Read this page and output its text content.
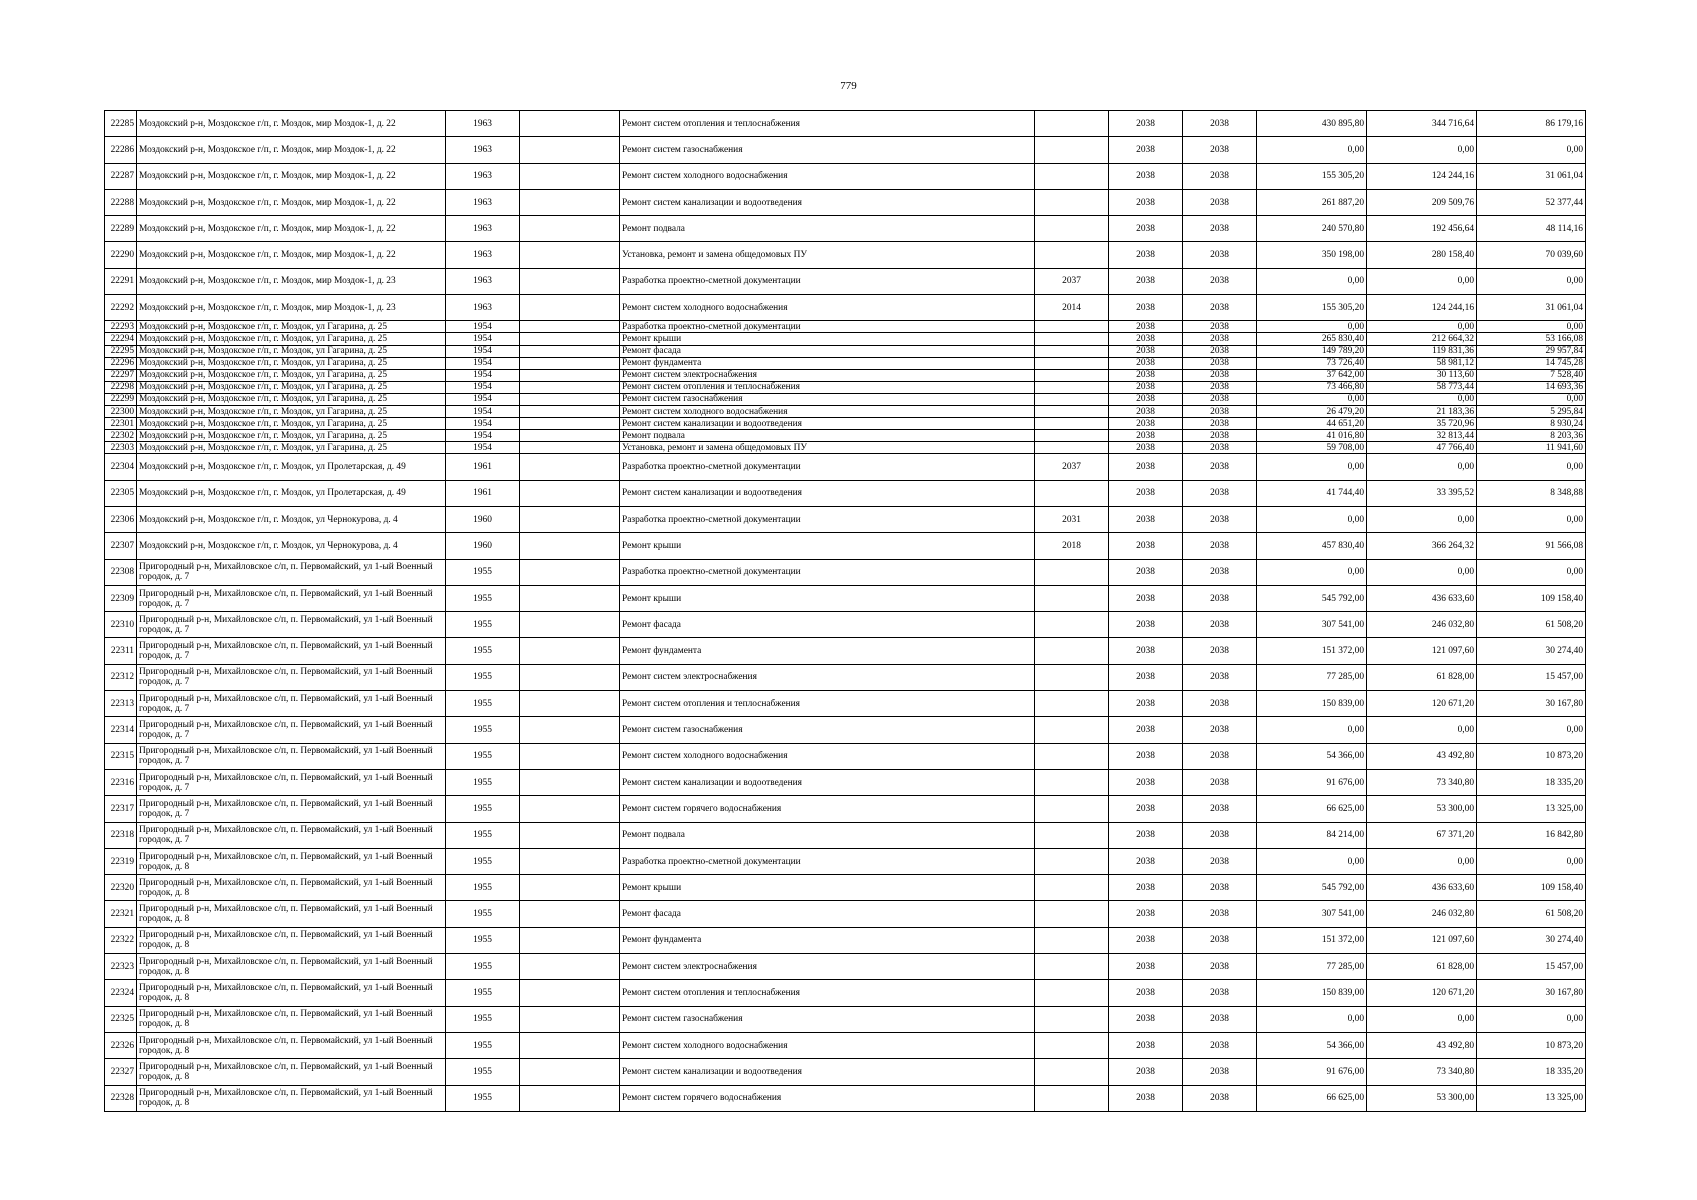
779
22285	Моздокский р-н, Моздокское г/п, г. Моздок, мир Моздок-1, д. 22	1963		Ремонт систем отопления и теплоснабжения		2038	2038	430 895,80	344 716,64	86 179,16
22286	Моздокский р-н, Моздокское г/п, г. Моздок, мир Моздок-1, д. 22	1963		Ремонт систем газоснабжения		2038	2038	0,00	0,00	0,00
22287	Моздокский р-н, Моздокское г/п, г. Моздок, мир Моздок-1, д. 22	1963		Ремонт систем холодного водоснабжения		2038	2038	155 305,20	124 244,16	31 061,04
22288	Моздокский р-н, Моздокское г/п, г. Моздок, мир Моздок-1, д. 22	1963		Ремонт систем канализации и водоотведения		2038	2038	261 887,20	209 509,76	52 377,44
22289	Моздокский р-н, Моздокское г/п, г. Моздок, мир Моздок-1, д. 22	1963		Ремонт подвала		2038	2038	240 570,80	192 456,64	48 114,16
22290	Моздокский р-н, Моздокское г/п, г. Моздок, мир Моздок-1, д. 22	1963		Установка, ремонт и замена общедомовых ПУ		2038	2038	350 198,00	280 158,40	70 039,60
22291	Моздокский р-н, Моздокское г/п, г. Моздок, мир Моздок-1, д. 23	1963		Разработка проектно-сметной документации	2037	2038	2038	0,00	0,00	0,00
22292	Моздокский р-н, Моздокское г/п, г. Моздок, мир Моздок-1, д. 23	1963		Ремонт систем холодного водоснабжения	2014	2038	2038	155 305,20	124 244,16	31 061,04
22293	Моздокский р-н, Моздокское г/п, г. Моздок, ул Гагарина, д. 25	1954		Разработка проектно-сметной документации		2038	2038	0,00	0,00	0,00
22294	Моздокский р-н, Моздокское г/п, г. Моздок, ул Гагарина, д. 25	1954		Ремонт крыши		2038	2038	265 830,40	212 664,32	53 166,08
22295	Моздокский р-н, Моздокское г/п, г. Моздок, ул Гагарина, д. 25	1954		Ремонт фасада		2038	2038	149 789,20	119 831,36	29 957,84
22296	Моздокский р-н, Моздокское г/п, г. Моздок, ул Гагарина, д. 25	1954		Ремонт фундамента		2038	2038	73 726,40	58 981,12	14 745,28
22297	Моздокский р-н, Моздокское г/п, г. Моздок, ул Гагарина, д. 25	1954		Ремонт систем электроснабжения		2038	2038	37 642,00	30 113,60	7 528,40
22298	Моздокский р-н, Моздокское г/п, г. Моздок, ул Гагарина, д. 25	1954		Ремонт систем отопления и теплоснабжения		2038	2038	73 466,80	58 773,44	14 693,36
22299	Моздокский р-н, Моздокское г/п, г. Моздок, ул Гагарина, д. 25	1954		Ремонт систем газоснабжения		2038	2038	0,00	0,00	0,00
22300	Моздокский р-н, Моздокское г/п, г. Моздок, ул Гагарина, д. 25	1954		Ремонт систем холодного водоснабжения		2038	2038	26 479,20	21 183,36	5 295,84
22301	Моздокский р-н, Моздокское г/п, г. Моздок, ул Гагарина, д. 25	1954		Ремонт систем канализации и водоотведения		2038	2038	44 651,20	35 720,96	8 930,24
22302	Моздокский р-н, Моздокское г/п, г. Моздок, ул Гагарина, д. 25	1954		Ремонт подвала		2038	2038	41 016,80	32 813,44	8 203,36
22303	Моздокский р-н, Моздокское г/п, г. Моздок, ул Гагарина, д. 25	1954		Установка, ремонт и замена общедомовых ПУ		2038	2038	59 708,00	47 766,40	11 941,60
22304	Моздокский р-н, Моздокское г/п, г. Моздок, ул Пролетарская, д. 49	1961		Разработка проектно-сметной документации	2037	2038	2038	0,00	0,00	0,00
22305	Моздокский р-н, Моздокское г/п, г. Моздок, ул Пролетарская, д. 49	1961		Ремонт систем канализации и водоотведения		2038	2038	41 744,40	33 395,52	8 348,88
22306	Моздокский р-н, Моздокское г/п, г. Моздок, ул Чернокурова, д. 4	1960		Разработка проектно-сметной документации	2031	2038	2038	0,00	0,00	0,00
22307	Моздокский р-н, Моздокское г/п, г. Моздок, ул Чернокурова, д. 4	1960		Ремонт крыши	2018	2038	2038	457 830,40	366 264,32	91 566,08
22308	Пригородный р-н, Михайловское с/п, п. Первомайский, ул 1-ый Военный городок, д. 7	1955		Разработка проектно-сметной документации		2038	2038	0,00	0,00	0,00
22309	Пригородный р-н, Михайловское с/п, п. Первомайский, ул 1-ый Военный городок, д. 7	1955		Ремонт крыши		2038	2038	545 792,00	436 633,60	109 158,40
22310	Пригородный р-н, Михайловское с/п, п. Первомайский, ул 1-ый Военный городок, д. 7	1955		Ремонт фасада		2038	2038	307 541,00	246 032,80	61 508,20
22311	Пригородный р-н, Михайловское с/п, п. Первомайский, ул 1-ый Военный городок, д. 7	1955		Ремонт фундамента		2038	2038	151 372,00	121 097,60	30 274,40
22312	Пригородный р-н, Михайловское с/п, п. Первомайский, ул 1-ый Военный городок, д. 7	1955		Ремонт систем электроснабжения		2038	2038	77 285,00	61 828,00	15 457,00
22313	Пригородный р-н, Михайловское с/п, п. Первомайский, ул 1-ый Военный городок, д. 7	1955		Ремонт систем отопления и теплоснабжения		2038	2038	150 839,00	120 671,20	30 167,80
22314	Пригородный р-н, Михайловское с/п, п. Первомайский, ул 1-ый Военный городок, д. 7	1955		Ремонт систем газоснабжения		2038	2038	0,00	0,00	0,00
22315	Пригородный р-н, Михайловское с/п, п. Первомайский, ул 1-ый Военный городок, д. 7	1955		Ремонт систем холодного водоснабжения		2038	2038	54 366,00	43 492,80	10 873,20
22316	Пригородный р-н, Михайловское с/п, п. Первомайский, ул 1-ый Военный городок, д. 7	1955		Ремонт систем канализации и водоотведения		2038	2038	91 676,00	73 340,80	18 335,20
22317	Пригородный р-н, Михайловское с/п, п. Первомайский, ул 1-ый Военный городок, д. 7	1955		Ремонт систем горячего водоснабжения		2038	2038	66 625,00	53 300,00	13 325,00
22318	Пригородный р-н, Михайловское с/п, п. Первомайский, ул 1-ый Военный городок, д. 7	1955		Ремонт подвала		2038	2038	84 214,00	67 371,20	16 842,80
22319	Пригородный р-н, Михайловское с/п, п. Первомайский, ул 1-ый Военный городок, д. 8	1955		Разработка проектно-сметной документации		2038	2038	0,00	0,00	0,00
22320	Пригородный р-н, Михайловское с/п, п. Первомайский, ул 1-ый Военный городок, д. 8	1955		Ремонт крыши		2038	2038	545 792,00	436 633,60	109 158,40
22321	Пригородный р-н, Михайловское с/п, п. Первомайский, ул 1-ый Военный городок, д. 8	1955		Ремонт фасада		2038	2038	307 541,00	246 032,80	61 508,20
22322	Пригородный р-н, Михайловское с/п, п. Первомайский, ул 1-ый Военный городок, д. 8	1955		Ремонт фундамента		2038	2038	151 372,00	121 097,60	30 274,40
22323	Пригородный р-н, Михайловское с/п, п. Первомайский, ул 1-ый Военный городок, д. 8	1955		Ремонт систем электроснабжения		2038	2038	77 285,00	61 828,00	15 457,00
22324	Пригородный р-н, Михайловское с/п, п. Первомайский, ул 1-ый Военный городок, д. 8	1955		Ремонт систем отопления и теплоснабжения		2038	2038	150 839,00	120 671,20	30 167,80
22325	Пригородный р-н, Михайловское с/п, п. Первомайский, ул 1-ый Военный городок, д. 8	1955		Ремонт систем газоснабжения		2038	2038	0,00	0,00	0,00
22326	Пригородный р-н, Михайловское с/п, п. Первомайский, ул 1-ый Военный городок, д. 8	1955		Ремонт систем холодного водоснабжения		2038	2038	54 366,00	43 492,80	10 873,20
22327	Пригородный р-н, Михайловское с/п, п. Первомайский, ул 1-ый Военный городок, д. 8	1955		Ремонт систем канализации и водоотведения		2038	2038	91 676,00	73 340,80	18 335,20
22328	Пригородный р-н, Михайловское с/п, п. Первомайский, ул 1-ый Военный городок, д. 8	1955		Ремонт систем горячего водоснабжения		2038	2038	66 625,00	53 300,00	13 325,00
